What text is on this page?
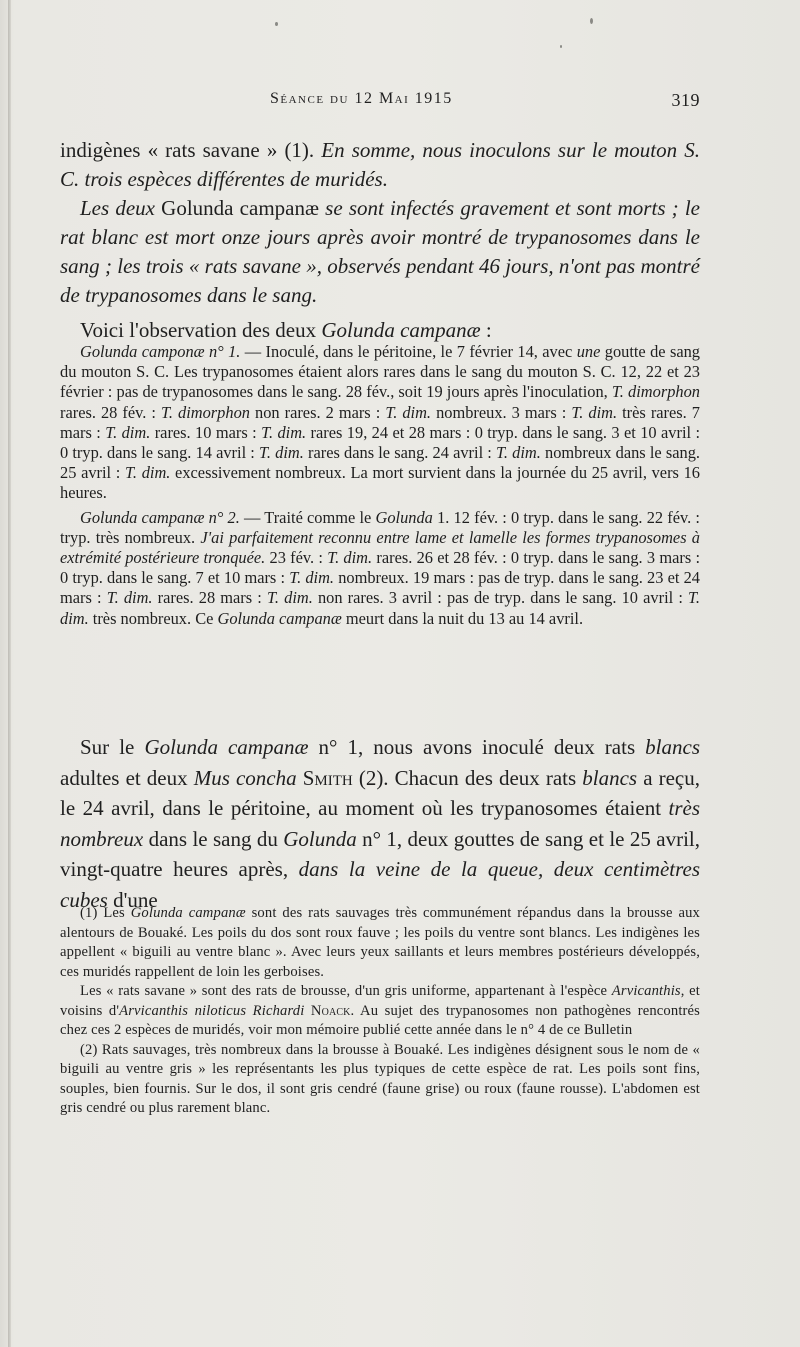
Séance du 12 Mai 1915	319

indigènes « rats savane » (1). En somme, nous inoculons sur le mouton S. C. trois espèces différentes de muridés.

Les deux Golunda campanæ se sont infectés gravement et sont morts ; le rat blanc est mort onze jours après avoir montré de trypanosomes dans le sang ; les trois « rats savane », observés pendant 46 jours, n'ont pas montré de trypanosomes dans le sang.

Voici l'observation des deux Golunda campanæ :

Golunda camponæ n° 1. — Inoculé, dans le péritoine, le 7 février 14, avec une goutte de sang du mouton S. C. Les trypanosomes étaient alors rares dans le sang du mouton S. C. 12, 22 et 23 février : pas de trypanosomes dans le sang. 28 fév., soit 19 jours après l'inoculation, T. dimorphon rares. 28 fév. : T. dimorphon non rares. 2 mars : T. dim. nombreux. 3 mars : T. dim. très rares. 7 mars : T. dim. rares. 10 mars : T. dim. rares 19, 24 et 28 mars : 0 tryp. dans le sang. 3 et 10 avril : 0 tryp. dans le sang. 14 avril : T. dim. rares dans le sang. 24 avril : T. dim. nombreux dans le sang. 25 avril : T. dim. excessivement nombreux. La mort survient dans la journée du 25 avril, vers 16 heures.

Golunda campanæ n° 2. — Traité comme le Golunda 1. 12 fév. : 0 tryp. dans le sang. 22 fév. : tryp. très nombreux. J'ai parfaitement reconnu entre lame et lamelle les formes trypanosomes à extrémité postérieure tronquée. 23 fév. : T. dim. rares. 26 et 28 fév. : 0 tryp. dans le sang. 3 mars : 0 tryp. dans le sang. 7 et 10 mars : T. dim. nombreux. 19 mars : pas de tryp. dans le sang. 23 et 24 mars : T. dim. rares. 28 mars : T. dim. non rares. 3 avril : pas de tryp. dans le sang. 10 avril : T. dim. très nombreux. Ce Golunda campanæ meurt dans la nuit du 13 au 14 avril.

Sur le Golunda campanæ n° 1, nous avons inoculé deux rats blancs adultes et deux Mus concha Smith (2). Chacun des deux rats blancs a reçu, le 24 avril, dans le péritoine, au moment où les trypanosomes étaient très nombreux dans le sang du Golunda n° 1, deux gouttes de sang et le 25 avril, vingt-quatre heures après, dans la veine de la queue, deux centimètres cubes d'une

(1) Les Golunda campanæ sont des rats sauvages très communément répandus dans la brousse aux alentours de Bouaké. Les poils du dos sont roux fauve ; les poils du ventre sont blancs. Les indigènes les appellent « biguili au ventre blanc ». Avec leurs yeux saillants et leurs membres postérieurs développés, ces muridés rappellent de loin les gerboises.

Les « rats savane » sont des rats de brousse, d'un gris uniforme, appartenant à l'espèce Arvicanthis, et voisins d'Arvicanthis niloticus Richardi Noack. Au sujet des trypanosomes non pathogènes rencontrés chez ces 2 espèces de muridés, voir mon mémoire publié cette année dans le n° 4 de ce Bulletin

(2) Rats sauvages, très nombreux dans la brousse à Bouaké. Les indigènes désignent sous le nom de « biguili au ventre gris » les représentants les plus typiques de cette espèce de rat. Les poils sont fins, souples, bien fournis. Sur le dos, il sont gris cendré (faune grise) ou roux (faune rousse). L'abdomen est gris cendré ou plus rarement blanc.
